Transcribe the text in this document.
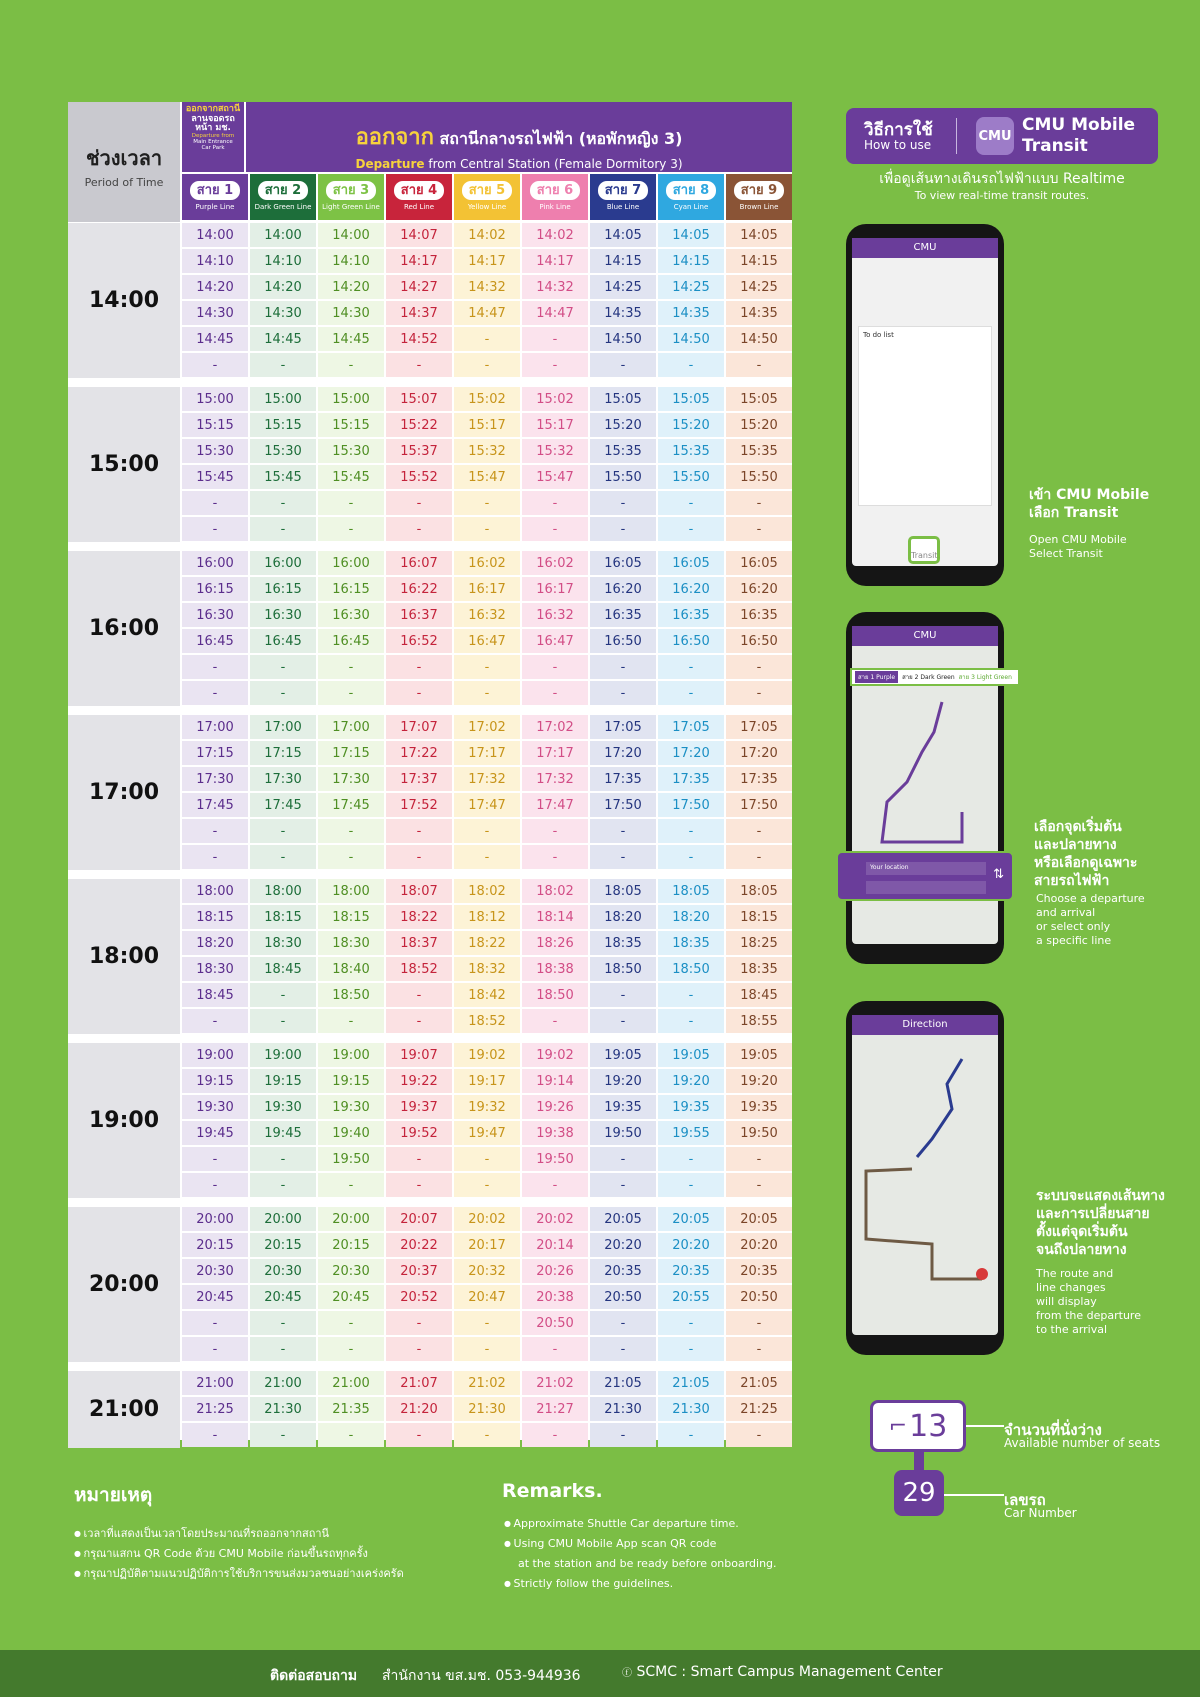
ช่วงเวลา
Period of Time
ออกจากสถานี
ลานจอดรถ
หน้า มช.
Departure from
Main Entrance
Car Park	ออกจาก สถานีกลางรถไฟฟ้า (หอพักหญิง 3)
Departure from Central Station (Female Dormitory 3)
สาย 1
Purple Line
สาย 2
Dark Green Line
สาย 3
Light Green Line
สาย 4
Red Line
สาย 5
Yellow Line
สาย 6
Pink Line
สาย 7
Blue Line
สาย 8
Cyan Line
สาย 9
Brown Line
14:00
14:00	14:00	14:00	14:07	14:02	14:02	14:05	14:05	14:05
14:10	14:10	14:10	14:17	14:17	14:17	14:15	14:15	14:15
14:20	14:20	14:20	14:27	14:32	14:32	14:25	14:25	14:25
14:30	14:30	14:30	14:37	14:47	14:47	14:35	14:35	14:35
14:45	14:45	14:45	14:52	-	-	14:50	14:50	14:50
-	-	-	-	-	-	-	-	-
15:00
15:00	15:00	15:00	15:07	15:02	15:02	15:05	15:05	15:05
15:15	15:15	15:15	15:22	15:17	15:17	15:20	15:20	15:20
15:30	15:30	15:30	15:37	15:32	15:32	15:35	15:35	15:35
15:45	15:45	15:45	15:52	15:47	15:47	15:50	15:50	15:50
-	-	-	-	-	-	-	-	-
-	-	-	-	-	-	-	-	-
16:00
16:00	16:00	16:00	16:07	16:02	16:02	16:05	16:05	16:05
16:15	16:15	16:15	16:22	16:17	16:17	16:20	16:20	16:20
16:30	16:30	16:30	16:37	16:32	16:32	16:35	16:35	16:35
16:45	16:45	16:45	16:52	16:47	16:47	16:50	16:50	16:50
-	-	-	-	-	-	-	-	-
-	-	-	-	-	-	-	-	-
17:00
17:00	17:00	17:00	17:07	17:02	17:02	17:05	17:05	17:05
17:15	17:15	17:15	17:22	17:17	17:17	17:20	17:20	17:20
17:30	17:30	17:30	17:37	17:32	17:32	17:35	17:35	17:35
17:45	17:45	17:45	17:52	17:47	17:47	17:50	17:50	17:50
-	-	-	-	-	-	-	-	-
-	-	-	-	-	-	-	-	-
18:00
18:00	18:00	18:00	18:07	18:02	18:02	18:05	18:05	18:05
18:15	18:15	18:15	18:22	18:12	18:14	18:20	18:20	18:15
18:20	18:30	18:30	18:37	18:22	18:26	18:35	18:35	18:25
18:30	18:45	18:40	18:52	18:32	18:38	18:50	18:50	18:35
18:45	-	18:50	-	18:42	18:50	-	-	18:45
-	-	-	-	18:52	-	-	-	18:55
19:00
19:00	19:00	19:00	19:07	19:02	19:02	19:05	19:05	19:05
19:15	19:15	19:15	19:22	19:17	19:14	19:20	19:20	19:20
19:30	19:30	19:30	19:37	19:32	19:26	19:35	19:35	19:35
19:45	19:45	19:40	19:52	19:47	19:38	19:50	19:55	19:50
-	-	19:50	-	-	19:50	-	-	-
-	-	-	-	-	-	-	-	-
20:00
20:00	20:00	20:00	20:07	20:02	20:02	20:05	20:05	20:05
20:15	20:15	20:15	20:22	20:17	20:14	20:20	20:20	20:20
20:30	20:30	20:30	20:37	20:32	20:26	20:35	20:35	20:35
20:45	20:45	20:45	20:52	20:47	20:38	20:50	20:55	20:50
-	-	-	-	-	20:50	-	-	-
-	-	-	-	-	-	-	-	-
21:00
21:00	21:00	21:00	21:07	21:02	21:02	21:05	21:05	21:05
21:25	21:30	21:35	21:20	21:30	21:27	21:30	21:30	21:25
-	-	-	-	-	-	-	-	-
วิธีการใช้
How to use
CMU
CMU Mobile
Transit
เพื่อดูเส้นทางเดินรถไฟฟ้าแบบ Realtime
To view real-time transit routes.
CMU
To do list
Transit
เข้า CMU Mobile
เลือก Transit
Open CMU Mobile
Select Transit
CMU
สาย 1 Purple	สาย 2 Dark Green สาย 3 Light Green
Your location	⇅
เลือกจุดเริ่มต้น
และปลายทาง
หรือเลือกดูเฉพาะ
สายรถไฟฟ้า
Choose a departure
and arrival
or select only
a specific line
Direction
ระบบจะแสดงเส้นทาง
และการเปลี่ยนสาย
ตั้งแต่จุดเริ่มต้น
จนถึงปลายทาง
The route and
line changes
will display
from the departure
to the arrival
⌐ 13	จำนวนที่นั่งว่าง
Available number of seats
29	เลขรถ
Car Number
หมายเหตุ
● เวลาที่แสดงเป็นเวลาโดยประมาณที่รถออกจากสถานี
● กรุณาแสกน QR Code ด้วย CMU Mobile ก่อนขึ้นรถทุกครั้ง
● กรุณาปฏิบัติตามแนวปฏิบัติการใช้บริการขนส่งมวลชนอย่างเคร่งครัด
Remarks.
● Approximate Shuttle Car departure time.
● Using CMU Mobile App scan QR code
at the station and be ready before onboarding.
● Strictly follow the guidelines.
ติดต่อสอบถาม สำนักงาน ขส.มช. 053-944936	ⓕ SCMC : Smart Campus Management Center
